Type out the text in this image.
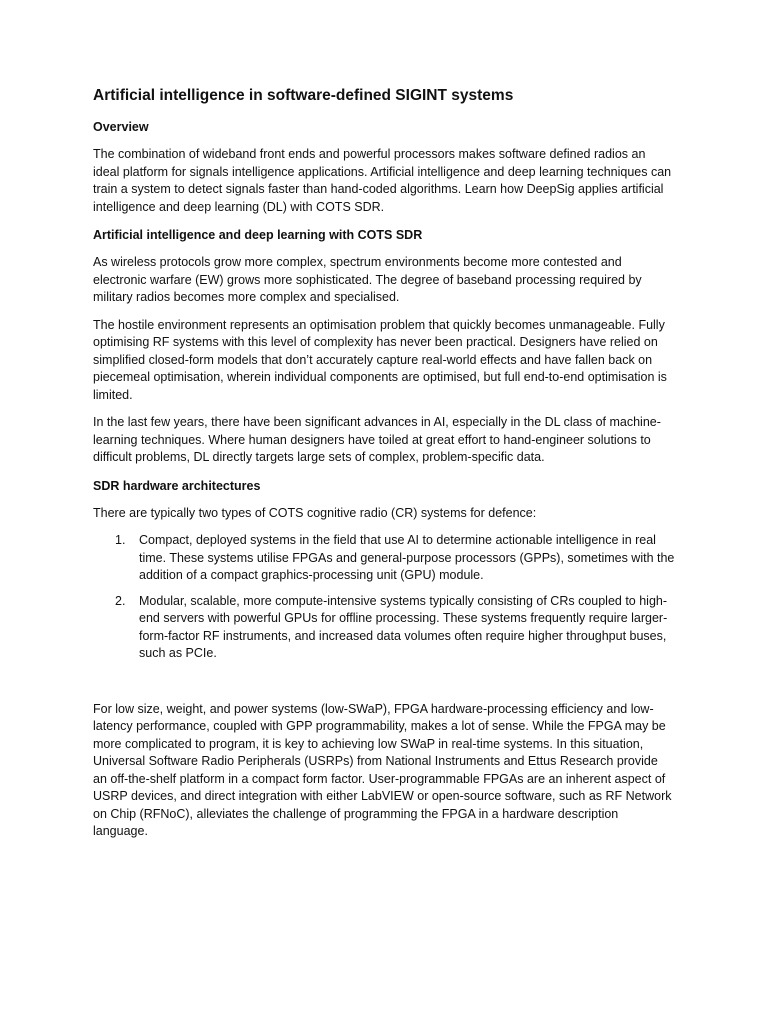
Artificial intelligence in software-defined SIGINT systems
Overview

The combination of wideband front ends and powerful processors makes software defined radios an ideal platform for signals intelligence applications. Artificial intelligence and deep learning techniques can train a system to detect signals faster than hand-coded algorithms. Learn how DeepSig applies artificial intelligence and deep learning (DL) with COTS SDR.

Artificial intelligence and deep learning with COTS SDR

As wireless protocols grow more complex, spectrum environments become more contested and electronic warfare (EW) grows more sophisticated. The degree of baseband processing required by military radios becomes more complex and specialised.

The hostile environment represents an optimisation problem that quickly becomes unmanageable. Fully optimising RF systems with this level of complexity has never been practical. Designers have relied on simplified closed-form models that don’t accurately capture real-world effects and have fallen back on piecemeal optimisation, wherein individual components are optimised, but full end-to-end optimisation is limited.

In the last few years, there have been significant advances in AI, especially in the DL class of machine-learning techniques. Where human designers have toiled at great effort to hand-engineer solutions to difficult problems, DL directly targets large sets of complex, problem-specific data.

SDR hardware architectures

There are typically two types of COTS cognitive radio (CR) systems for defence:

1. Compact, deployed systems in the field that use AI to determine actionable intelligence in real time. These systems utilise FPGAs and general-purpose processors (GPPs), sometimes with the addition of a compact graphics-processing unit (GPU) module.
2. Modular, scalable, more compute-intensive systems typically consisting of CRs coupled to high-end servers with powerful GPUs for offline processing. These systems frequently require larger-form-factor RF instruments, and increased data volumes often require higher throughput buses, such as PCIe.

For low size, weight, and power systems (low-SWaP), FPGA hardware-processing efficiency and low-latency performance, coupled with GPP programmability, makes a lot of sense. While the FPGA may be more complicated to program, it is key to achieving low SWaP in real-time systems. In this situation, Universal Software Radio Peripherals (USRPs) from National Instruments and Ettus Research provide an off-the-shelf platform in a compact form factor. User-programmable FPGAs are an inherent aspect of USRP devices, and direct integration with either LabVIEW or open-source software, such as RF Network on Chip (RFNoC), alleviates the challenge of programming the FPGA in a hardware description language.
